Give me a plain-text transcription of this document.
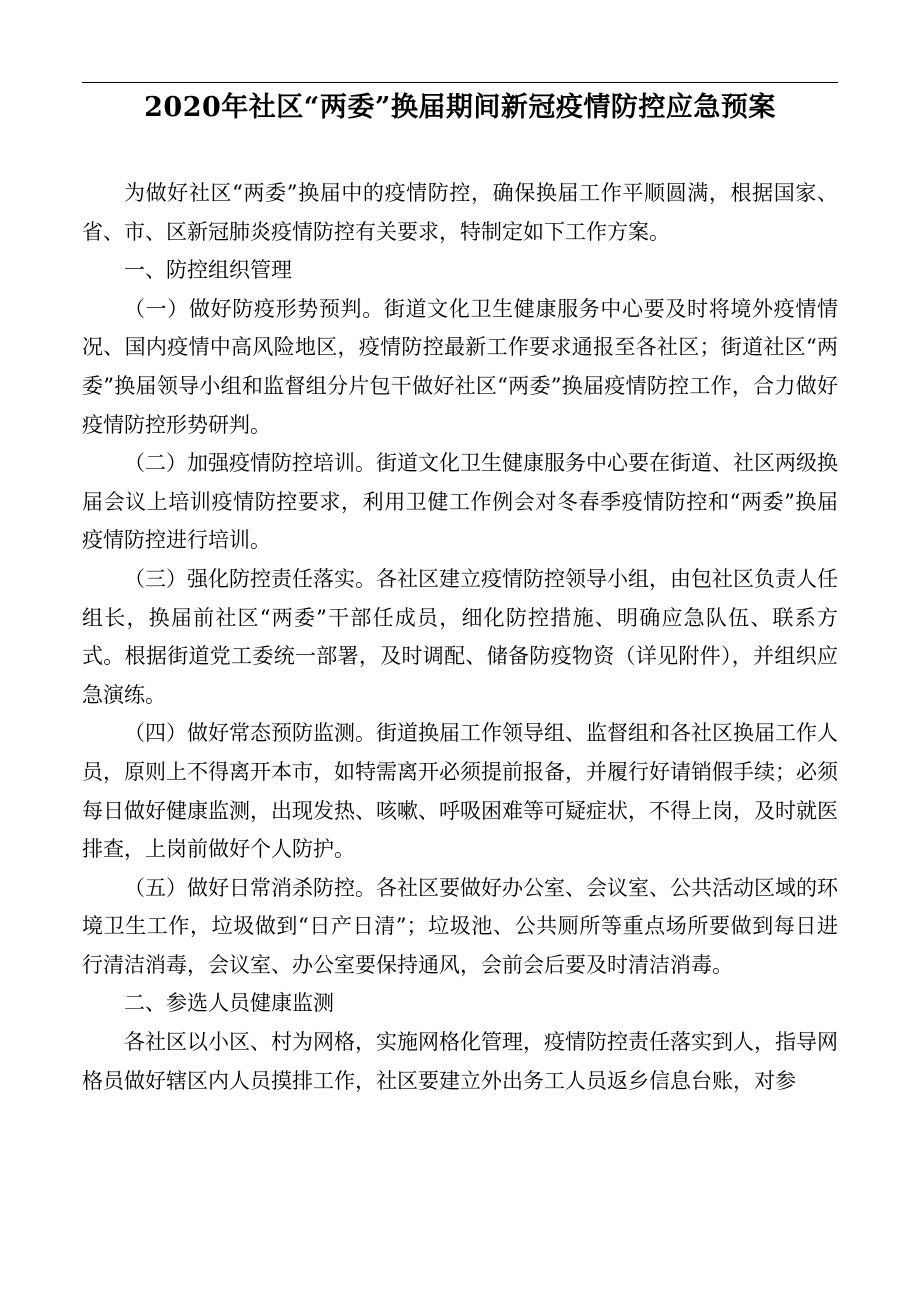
2020年社区“两委”换届期间新冠疫情防控应急预案

为做好社区“两委”换届中的疫情防控，确保换届工作平顺圆满，根据国家、省、市、区新冠肺炎疫情防控有关要求，特制定如下工作方案。

一、防控组织管理

（一）做好防疫形势预判。街道文化卫生健康服务中心要及时将境外疫情情况、国内疫情中高风险地区，疫情防控最新工作要求通报至各社区；街道社区“两委”换届领导小组和监督组分片包干做好社区“两委”换届疫情防控工作，合力做好疫情防控形势研判。

（二）加强疫情防控培训。街道文化卫生健康服务中心要在街道、社区两级换届会议上培训疫情防控要求，利用卫健工作例会对冬春季疫情防控和“两委”换届疫情防控进行培训。

（三）强化防控责任落实。各社区建立疫情防控领导小组，由包社区负责人任组长，换届前社区“两委”干部任成员，细化防控措施、明确应急队伍、联系方式。根据街道党工委统一部署，及时调配、储备防疫物资（详见附件），并组织应急演练。

（四）做好常态预防监测。街道换届工作领导组、监督组和各社区换届工作人员，原则上不得离开本市，如特需离开必须提前报备，并履行好请销假手续；必须每日做好健康监测，出现发热、咳嗽、呼吸困难等可疑症状，不得上岗，及时就医排查，上岗前做好个人防护。

（五）做好日常消杀防控。各社区要做好办公室、会议室、公共活动区域的环境卫生工作，垃圾做到“日产日清”；垃圾池、公共厕所等重点场所要做到每日进行清洁消毒，会议室、办公室要保持通风，会前会后要及时清洁消毒。

二、参选人员健康监测

各社区以小区、村为网格，实施网格化管理，疫情防控责任落实到人，指导网格员做好辖区内人员摸排工作，社区要建立外出务工人员返乡信息台账，对参
